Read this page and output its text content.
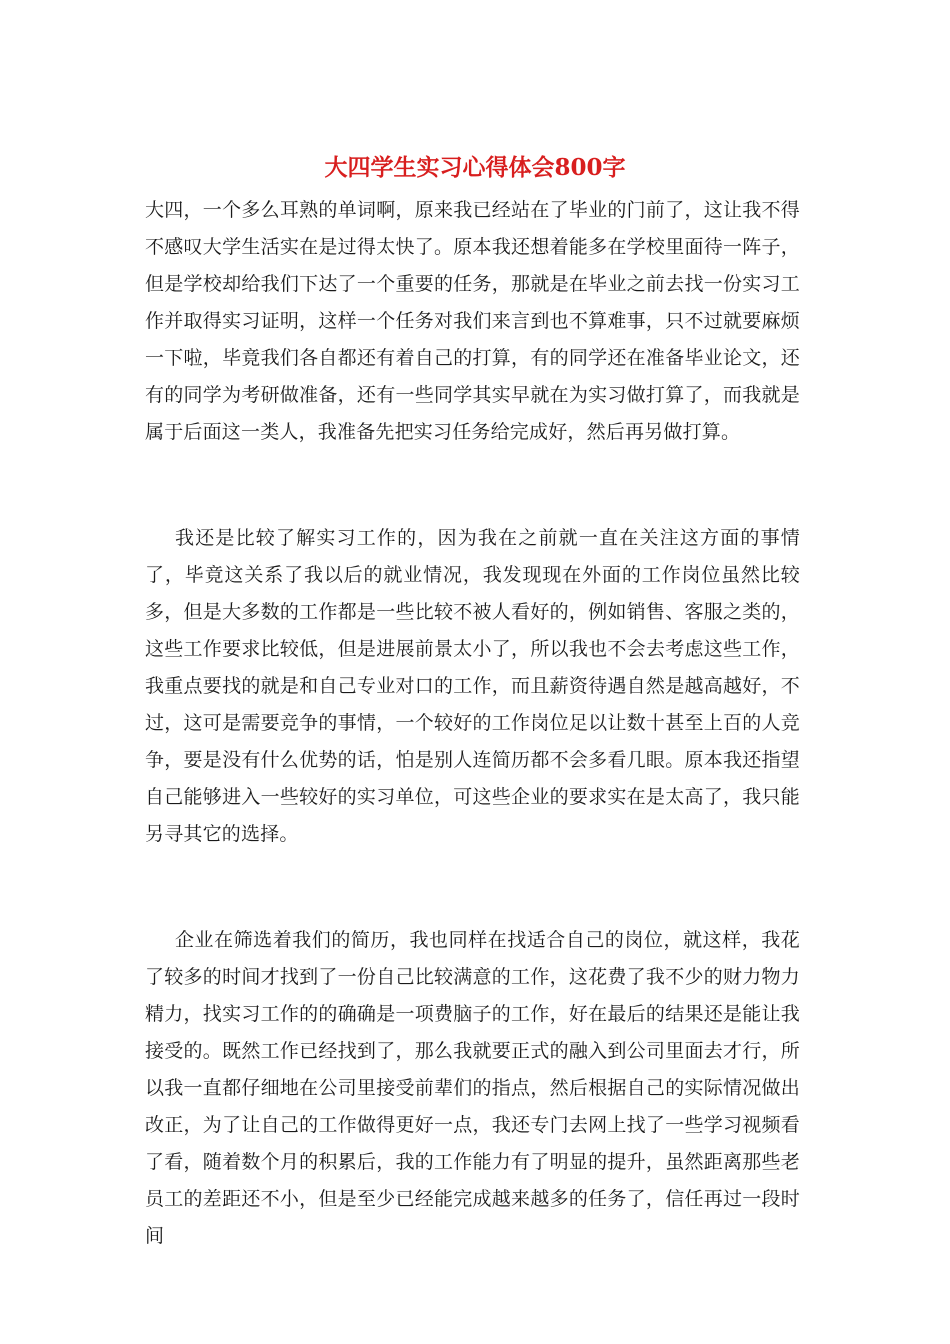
大四学生实习心得体会800字

大四，一个多么耳熟的单词啊，原来我已经站在了毕业的门前了，这让我不得不感叹大学生活实在是过得太快了。原本我还想着能多在学校里面待一阵子，但是学校却给我们下达了一个重要的任务，那就是在毕业之前去找一份实习工作并取得实习证明，这样一个任务对我们来言到也不算难事，只不过就要麻烦一下啦，毕竟我们各自都还有着自己的打算，有的同学还在准备毕业论文，还有的同学为考研做准备，还有一些同学其实早就在为实习做打算了，而我就是属于后面这一类人，我准备先把实习任务给完成好，然后再另做打算。

我还是比较了解实习工作的，因为我在之前就一直在关注这方面的事情了，毕竟这关系了我以后的就业情况，我发现现在外面的工作岗位虽然比较多，但是大多数的工作都是一些比较不被人看好的，例如销售、客服之类的，这些工作要求比较低，但是进展前景太小了，所以我也不会去考虑这些工作，我重点要找的就是和自己专业对口的工作，而且薪资待遇自然是越高越好，不过，这可是需要竞争的事情，一个较好的工作岗位足以让数十甚至上百的人竞争，要是没有什么优势的话，怕是别人连简历都不会多看几眼。原本我还指望自己能够进入一些较好的实习单位，可这些企业的要求实在是太高了，我只能另寻其它的选择。

企业在筛选着我们的简历，我也同样在找适合自己的岗位，就这样，我花了较多的时间才找到了一份自己比较满意的工作，这花费了我不少的财力物力精力，找实习工作的的确确是一项费脑子的工作，好在最后的结果还是能让我接受的。既然工作已经找到了，那么我就要正式的融入到公司里面去才行，所以我一直都仔细地在公司里接受前辈们的指点，然后根据自己的实际情况做出改正，为了让自己的工作做得更好一点，我还专门去网上找了一些学习视频看了看，随着数个月的积累后，我的工作能力有了明显的提升，虽然距离那些老员工的差距还不小，但是至少已经能完成越来越多的任务了，信任再过一段时间
